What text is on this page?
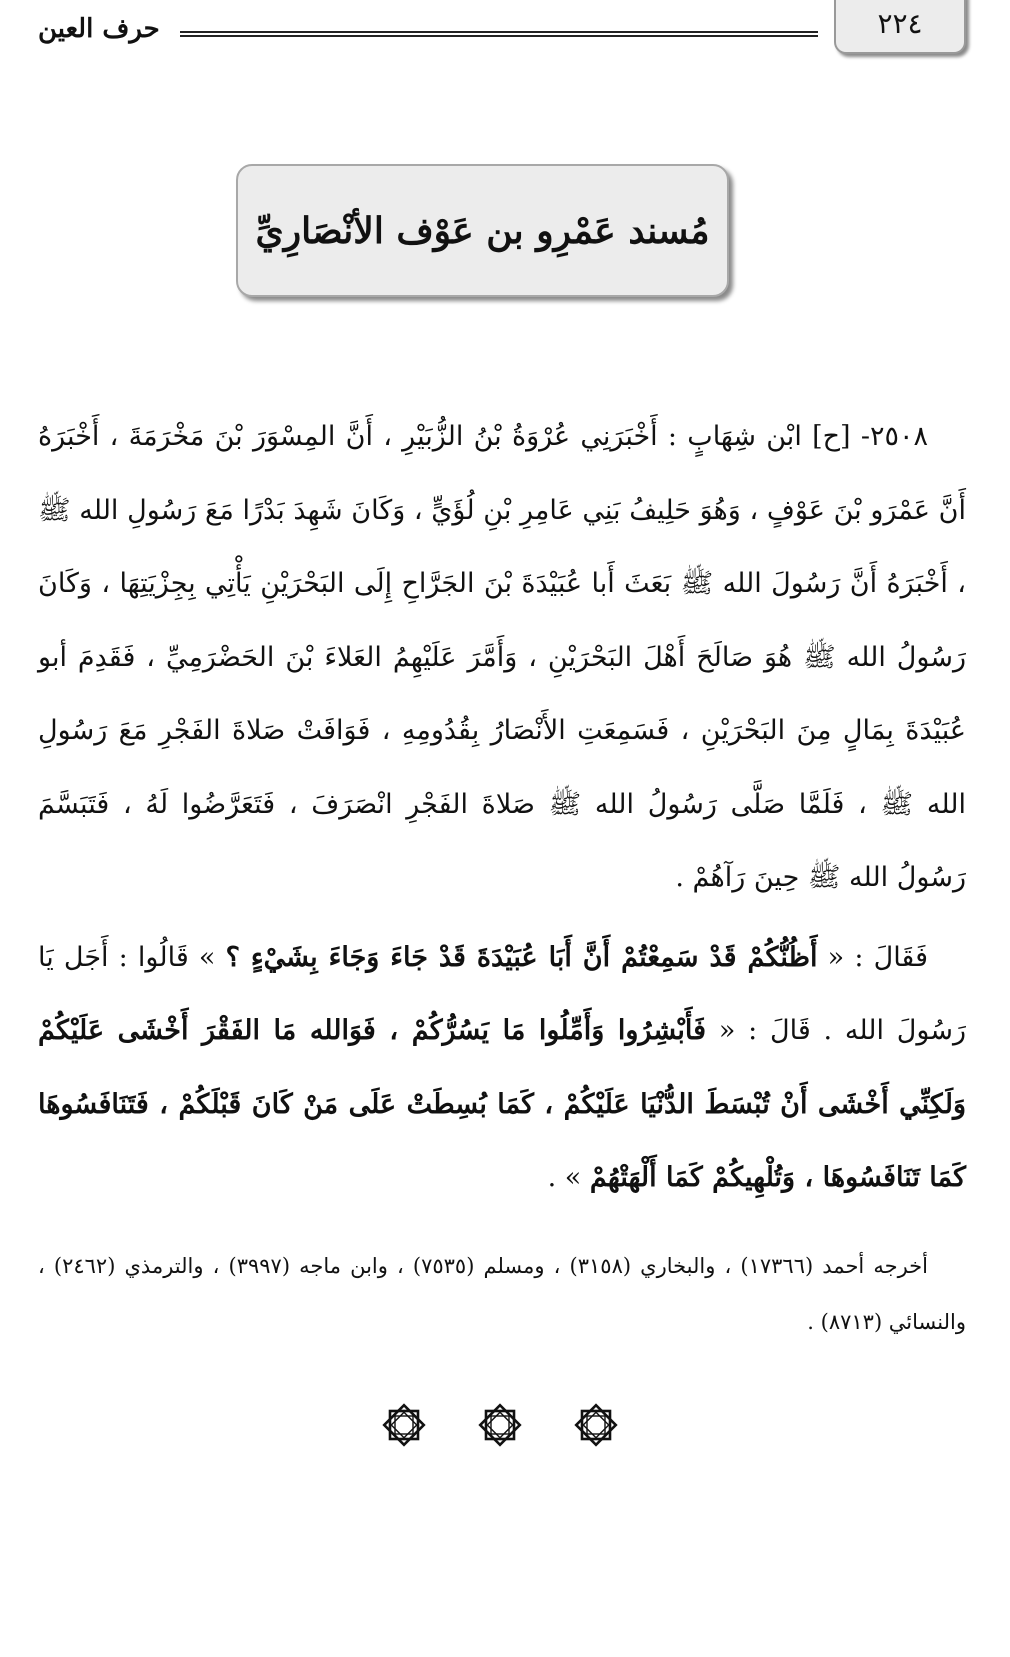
٢٢٤
حرف العين
مُسند عَمْرِو بن عَوْف الأنْصَارِيِّ

٢٥٠٨- [ح] ابْن شِهَابٍ : أَخْبَرَنِي عُرْوَةُ بْنُ الزُّبَيْرِ ، أَنَّ المِسْوَرَ بْنَ مَخْرَمَةَ ، أَخْبَرَهُ أَنَّ عَمْرَو بْنَ عَوْفٍ ، وَهُوَ حَلِيفُ بَنِي عَامِرِ بْنِ لُؤَيٍّ ، وَكَانَ شَهِدَ بَدْرًا مَعَ رَسُولِ الله ﷺ ، أَخْبَرَهُ أَنَّ رَسُولَ الله ﷺ بَعَثَ أَبا عُبَيْدَةَ بْنَ الجَرَّاحِ إِلَى البَحْرَيْنِ يَأْتِي بِجِزْيَتِهَا ، وَكَانَ رَسُولُ الله ﷺ هُوَ صَالَحَ أَهْلَ البَحْرَيْنِ ، وَأَمَّرَ عَلَيْهِمُ العَلاءَ بْنَ الحَضْرَمِيِّ ، فَقَدِمَ أبو عُبَيْدَةَ بِمَالٍ مِنَ البَحْرَيْنِ ، فَسَمِعَتِ الأَنْصَارُ بِقُدُومِهِ ، فَوَافَتْ صَلاةَ الفَجْرِ مَعَ رَسُولِ الله ﷺ ، فَلَمَّا صَلَّى رَسُولُ الله ﷺ صَلاةَ الفَجْرِ انْصَرَفَ ، فَتَعَرَّضُوا لَهُ ، فَتَبَسَّمَ رَسُولُ الله ﷺ حِينَ رَآهُمْ .

فَقَالَ : « أَظُنُّكُمْ قَدْ سَمِعْتُمْ أَنَّ أَبَا عُبَيْدَةَ قَدْ جَاءَ وَجَاءَ بِشَيْءٍ ؟ » قَالُوا : أَجَل يَا رَسُولَ الله . قَالَ : « فَأَبْشِرُوا وَأَمِّلُوا مَا يَسُرُّكُمْ ، فَوَالله مَا الفَقْرَ أَخْشَى عَلَيْكُمْ وَلَكِنِّي أَخْشَى أَنْ تُبْسَطَ الدُّنْيَا عَلَيْكُمْ ، كَمَا بُسِطَتْ عَلَى مَنْ كَانَ قَبْلَكُمْ ، فَتَنَافَسُوهَا كَمَا تَنَافَسُوهَا ، وَتُلْهِيكُمْ كَمَا أَلْهَتْهُمْ » .

أخرجه أحمد (١٧٣٦٦) ، والبخاري (٣١٥٨) ، ومسلم (٧٥٣٥) ، وابن ماجه (٣٩٩٧) ، والترمذي (٢٤٦٢) ، والنسائي (٨٧١٣) .
